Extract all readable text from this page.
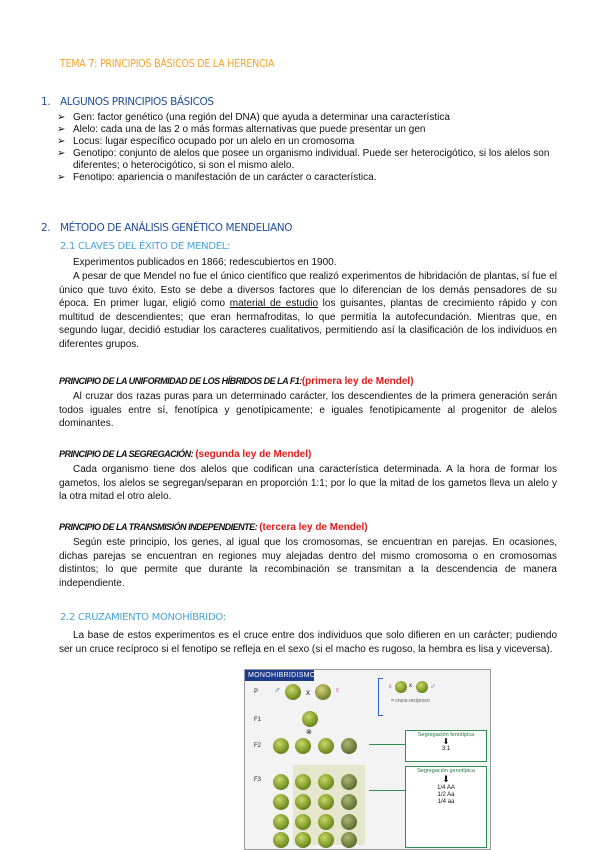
TEMA 7: PRINCIPIOS BÁSICOS DE LA HERENCIA
1. ALGUNOS PRINCIPIOS BÁSICOS
➢ Gen: factor genético (una región del DNA) que ayuda a determinar una característica
➢ Alelo: cada una de las 2 o más formas alternativas que puede presentar un gen
➢ Locus: lugar específico ocupado por un alelo en un cromosoma
➢ Genotipo: conjunto de alelos que posee un organismo individual. Puede ser heterocigótico, si los alelos son diferentes; o heterocigótico, si son el mismo alelo.
➢ Fenotipo: apariencia o manifestación de un carácter o característica.
2. MÉTODO DE ANÁLISIS GENÉTICO MENDELIANO
2.1 CLAVES DEL ÉXITO DE MENDEL:

Experimentos publicados en 1866; redescubiertos en 1900.

A pesar de que Mendel no fue el único científico que realizó experimentos de hibridación de plantas, sí fue el único que tuvo éxito. Esto se debe a diversos factores que lo diferencian de los demás pensadores de su época. En primer lugar, eligió como material de estudio los guisantes, plantas de crecimiento rápido y con multitud de descendientes; que eran hermafroditas, lo que permitía la autofecundación. Mientras que, en segundo lugar, decidió estudiar los caracteres cualitativos, permitiendo así la clasificación de los individuos en diferentes grupos.

PRINCIPIO DE LA UNIFORMIDAD DE LOS HÍBRIDOS DE LA F1:(primera ley de Mendel)

Al cruzar dos razas puras para un determinado carácter, los descendientes de la primera generación serán todos iguales entre sí, fenotípica y genotípicamente; e iguales fenotípicamente al progenitor de alelos dominantes.

PRINCIPIO DE LA SEGREGACIÓN: (segunda ley de Mendel)

Cada organismo tiene dos alelos que codifican una característica determinada. A la hora de formar los gametos, los alelos se segregan/separan en proporción 1:1; por lo que la mitad de los gametos lleva un alelo y la otra mitad el otro alelo.

PRINCIPIO DE LA TRANSMISIÓN INDEPENDIENTE: (tercera ley de Mendel)

Según este principio, los genes, al igual que los cromosomas, se encuentran en parejas. En ocasiones, dichas parejas se encuentran en regiones muy alejadas dentro del mismo cromosoma o en cromosomas distintos; lo que permite que durante la recombinación se transmitan a la descendencia de manera independiente.

2.2 CRUZAMIENTO MONOHÍBRIDO:

La base de estos experimentos es el cruce entre dos individuos que solo difieren en un carácter; pudiendo ser un cruce recíproco si el fenotipo se refleja en el sexo (si el macho es rugoso, la hembra es lisa y viceversa).

MONOHIBRIDISMO
P
F1
F2
F3
♂	x	♀	♀	x ♂
= cruce recíproco
⊗	Segregación fenotípica
⬇
3:1
Segregación genotípica
⬇
1/4 AA
1/2 Aa
1/4 aa
